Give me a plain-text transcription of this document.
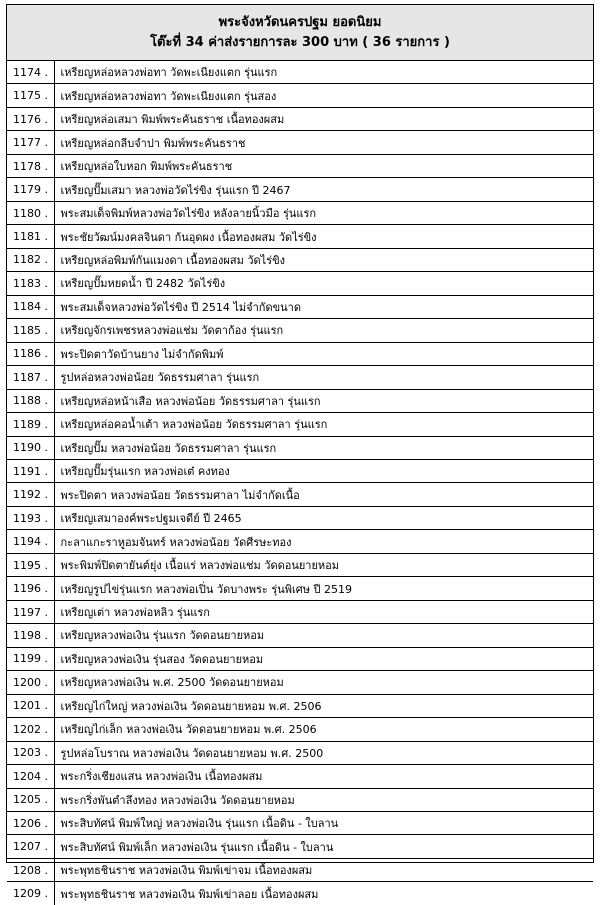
พระจังหวัดนครปฐม ยอดนิยม
โต๊ะที่ 34 ค่าส่งรายการละ 300 บาท ( 36 รายการ )
1174 .	เหรียญหล่อหลวงพ่อทา วัดพะเนียงแตก รุ่นแรก
1175 .	เหรียญหล่อหลวงพ่อทา วัดพะเนียงแตก รุ่นสอง
1176 .	เหรียญหล่อเสมา พิมพ์พระคันธราช เนื้อทองผสม
1177 .	เหรียญหล่อกลีบจำปา พิมพ์พระคันธราช
1178 .	เหรียญหล่อใบหอก พิมพ์พระคันธราช
1179 .	เหรียญปั๊มเสมา หลวงพ่อวัดไร่ขิง รุ่นแรก ปี 2467
1180 .	พระสมเด็จพิมพ์หลวงพ่อวัดไร่ขิง หลังลายนิ้วมือ รุ่นแรก
1181 .	พระชัยวัฒน์มงคลจินดา ก้นอุดผง เนื้อทองผสม วัดไร่ขิง
1182 .	เหรียญหล่อพิมพ์กันแมงดา เนื้อทองผสม วัดไร่ขิง
1183 .	เหรียญปั๊มหยดน้ำ ปี 2482 วัดไร่ขิง
1184 .	พระสมเด็จหลวงพ่อวัดไร่ขิง ปี 2514 ไม่จำกัดขนาด
1185 .	เหรียญจักรเพชรหลวงพ่อแช่ม วัดตาก้อง รุ่นแรก
1186 .	พระปิดตาวัดบ้านยาง ไม่จำกัดพิมพ์
1187 .	รูปหล่อหลวงพ่อน้อย วัดธรรมศาลา รุ่นแรก
1188 .	เหรียญหล่อหน้าเสือ หลวงพ่อน้อย วัดธรรมศาลา รุ่นแรก
1189 .	เหรียญหล่อคอน้ำเต้า หลวงพ่อน้อย วัดธรรมศาลา รุ่นแรก
1190 .	เหรียญปั๊ม หลวงพ่อน้อย วัดธรรมศาลา รุ่นแรก
1191 .	เหรียญปั๊มรุ่นแรก หลวงพ่อเต๋ คงทอง
1192 .	พระปิดตา หลวงพ่อน้อย วัดธรรมศาลา ไม่จำกัดเนื้อ
1193 .	เหรียญเสมาองค์พระปฐมเจดีย์ ปี 2465
1194 .	กะลาแกะราหูอมจันทร์ หลวงพ่อน้อย วัดศีรษะทอง
1195 .	พระพิมพ์ปิดตายันต์ยุ่ง เนื้อแร่ หลวงพ่อแช่ม วัดดอนยายหอม
1196 .	เหรียญรูปไข่รุ่นแรก หลวงพ่อเปิ่น วัดบางพระ รุ่นพิเศษ ปี 2519
1197 .	เหรียญเต่า หลวงพ่อหลิว รุ่นแรก
1198 .	เหรียญหลวงพ่อเงิน รุ่นแรก วัดดอนยายหอม
1199 .	เหรียญหลวงพ่อเงิน รุ่นสอง วัดดอนยายหอม
1200 .	เหรียญหลวงพ่อเงิน พ.ศ. 2500 วัดดอนยายหอม
1201 .	เหรียญไก่ใหญ่ หลวงพ่อเงิน วัดดอนยายหอม พ.ศ. 2506
1202 .	เหรียญไก่เล็ก หลวงพ่อเงิน วัดดอนยายหอม พ.ศ. 2506
1203 .	รูปหล่อโบราณ หลวงพ่อเงิน วัดดอนยายหอม พ.ศ. 2500
1204 .	พระกริ่งเชียงแสน หลวงพ่อเงิน เนื้อทองผสม
1205 .	พระกริ่งพันตำลึงทอง หลวงพ่อเงิน วัดดอนยายหอม
1206 .	พระสิบทัศน์ พิมพ์ใหญ่ หลวงพ่อเงิน รุ่นแรก เนื้อดิน - ใบลาน
1207 .	พระสิบทัศน์ พิมพ์เล็ก หลวงพ่อเงิน รุ่นแรก เนื้อดิน - ใบลาน
1208 .	พระพุทธชินราช หลวงพ่อเงิน พิมพ์เข่าจม เนื้อทองผสม
1209 .	พระพุทธชินราช หลวงพ่อเงิน พิมพ์เข่าลอย เนื้อทองผสม
